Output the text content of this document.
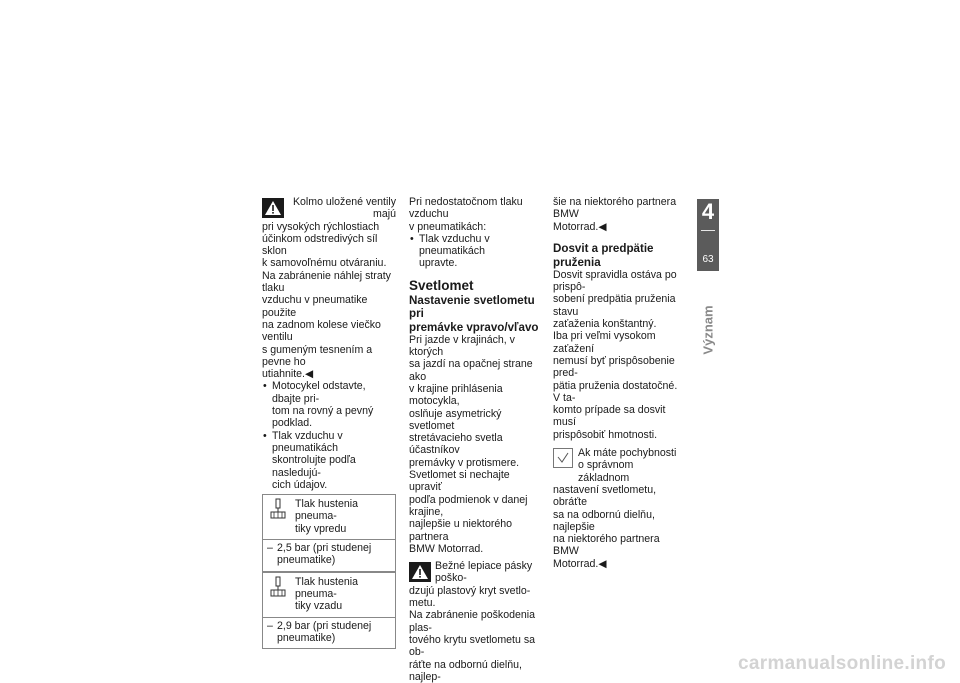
Kolmo uložené ventily majú

pri vysokých rýchlostiach

účinkom odstredivých síl sklon

k samovoľnému otváraniu.

Na zabránenie náhlej straty tlaku

vzduchu v pneumatike použite

na zadnom kolese viečko ventilu

s gumeným tesnením a pevne ho

utiahnite.◀

• Motocykel odstavte, dbajte pri-
tom na rovný a pevný podklad.
• Tlak vzduchu v pneumatikách
skontrolujte podľa nasledujú-
cich údajov.

Tlak hustenia pneuma-

tiky vpredu

– 2,5 bar (pri studenej
pneumatike)

Tlak hustenia pneuma-

tiky vzadu

– 2,9 bar (pri studenej
pneumatike)

Pri nedostatočnom tlaku vzduchu

v pneumatikách:

• Tlak vzduchu v pneumatikách
upravte.
Svetlomet
Nastavenie svetlometu pri
premávke vpravo/vľavo

Pri jazde v krajinách, v ktorých

sa jazdí na opačnej strane ako

v krajine prihlásenia motocykla,

oslňuje asymetrický svetlomet

stretávacieho svetla účastníkov

premávky v protismere.

Svetlomet si nechajte upraviť

podľa podmienok v danej krajine,

najlepšie u niektorého partnera

BMW Motorrad.

Bežné lepiace pásky poško-

dzujú plastový kryt svetlo-

metu.

Na zabránenie poškodenia plas-

tového krytu svetlometu sa ob-

ráťte na odbornú dielňu, najlep-

šie na niektorého partnera BMW

Motorrad.◀

Dosvit a predpätie
pruženia

Dosvit spravidla ostáva po prispô-

sobení predpätia pruženia stavu

zaťaženia konštantný.

Iba pri veľmi vysokom zaťažení

nemusí byť prispôsobenie pred-

pätia pruženia dostatočné. V ta-

komto prípade sa dosvit musí

prispôsobiť hmotnosti.

Ak máte pochybnosti

o správnom základnom

nastavení svetlometu, obráťte

sa na odbornú dielňu, najlepšie

na niektorého partnera BMW

Motorrad.◀

4
63
Význam
carmanualsonline.info
